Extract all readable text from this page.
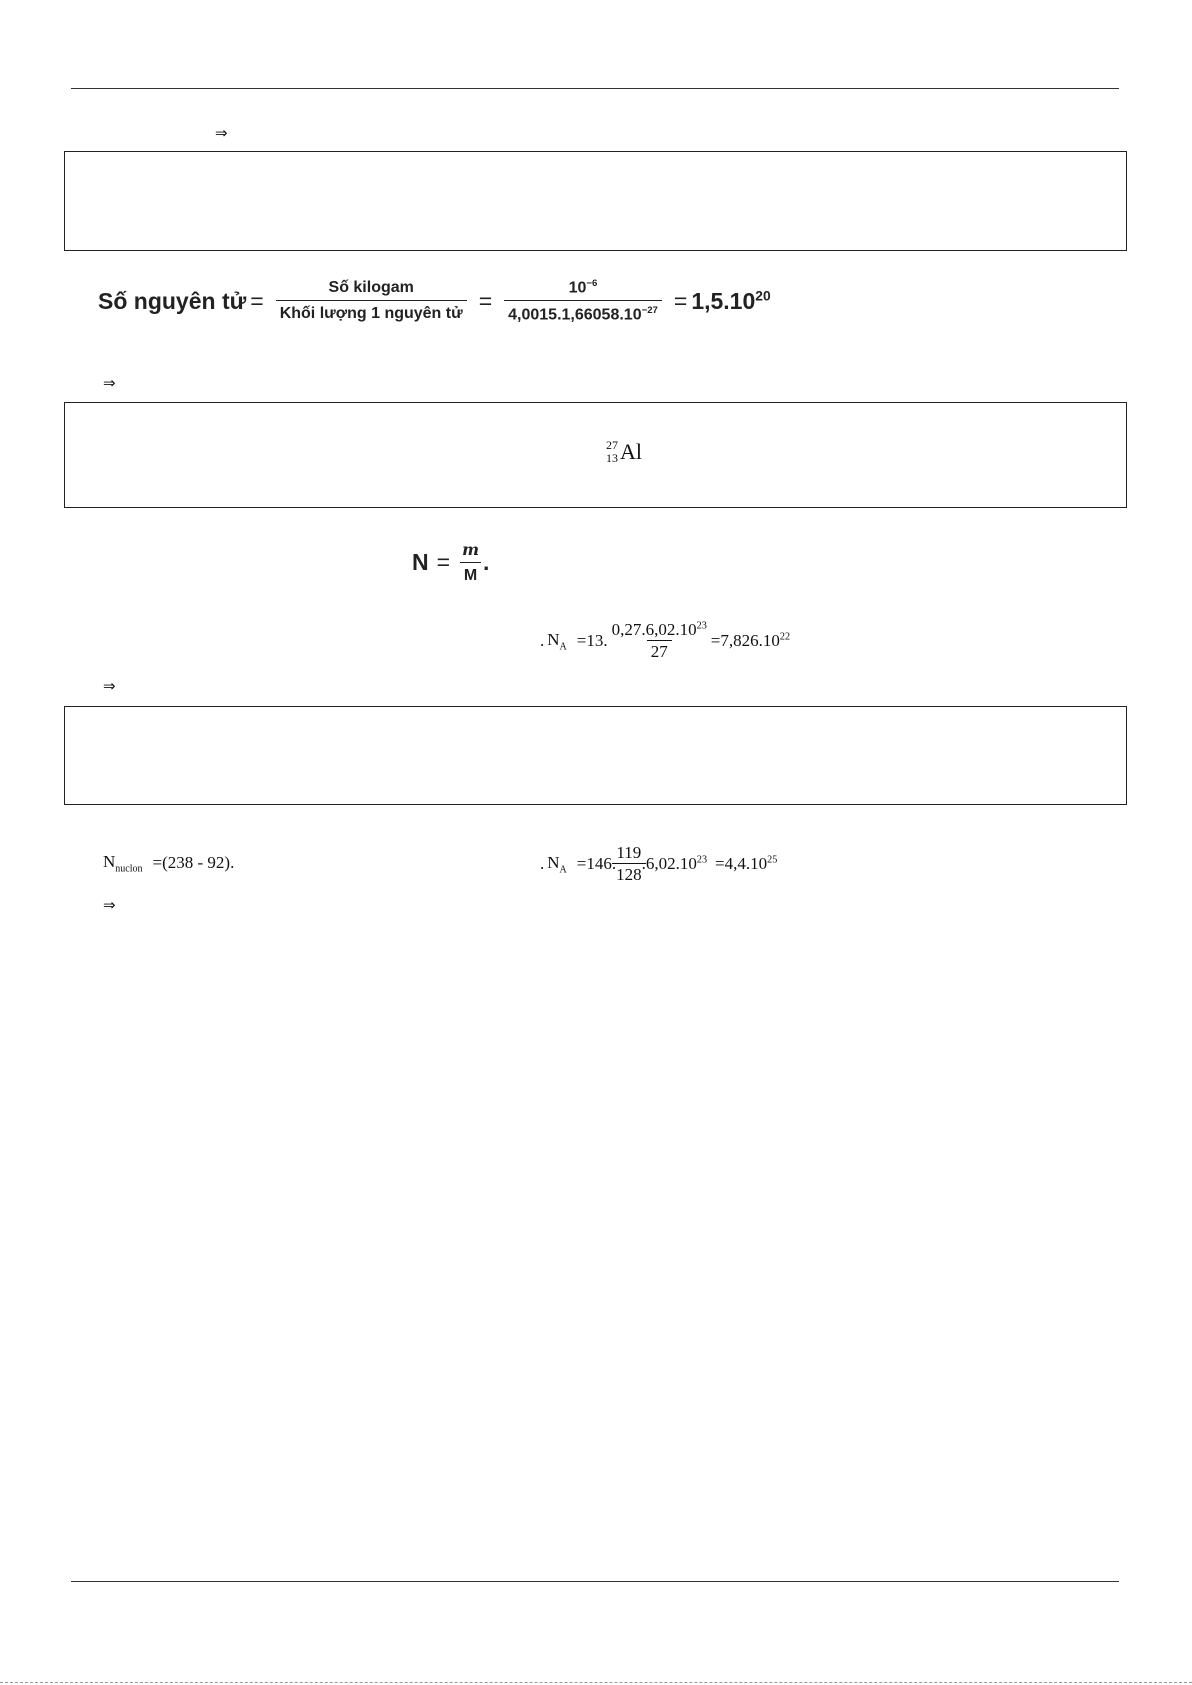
⇒
Số nguyên tử = $\frac{\text{Số kilogam}}{\text{Khối lượng 1 nguyên tử}} = \frac{10^{-6}}{4,0015.1,66058.10^{-27}} = 1,5.10^{20}$
⇒
27
13 Al
$N = \frac{m}{M}$ .
. $N_A =13$. $\frac{0,27.6,02.10^{23}}{27} =7,826.10^{22}$
⇒
$N_{nuclon} = (238 - 92)$ .	. $N_A =146$.
$\frac{119}{128}$
$.6,02.10^{23} =4,4.10^{25}$
⇒
